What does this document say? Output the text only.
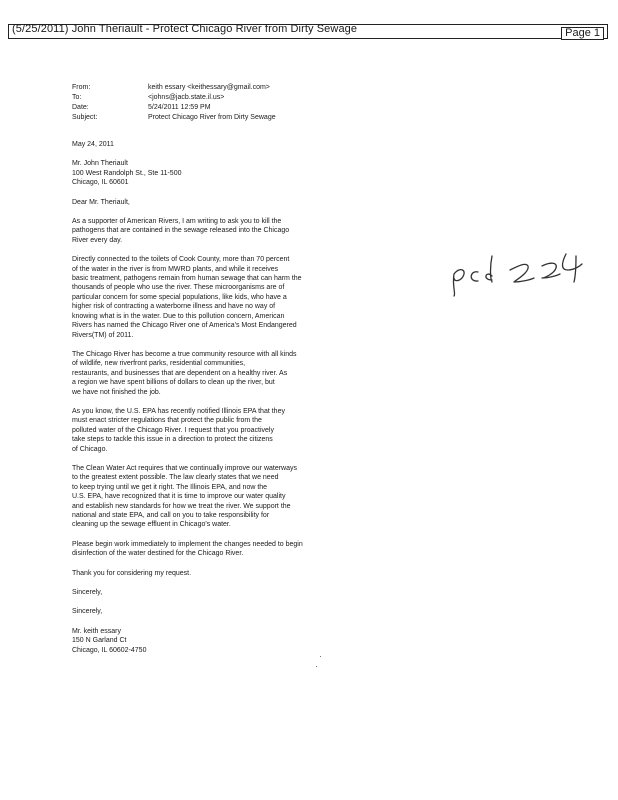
(5/25/2011) John Theriault - Protect Chicago River from Dirty Sewage	Page 1
From:	keith essary <keithessary@gmail.com>
To:	<johns@jacb.state.il.us>
Date:	5/24/2011 12:59 PM
Subject:	Protect Chicago River from Dirty Sewage

May 24, 2011

Mr. John Theriault
100 West Randolph St., Ste 11-500
Chicago, IL 60601

Dear Mr. Theriault,

As a supporter of American Rivers, I am writing to ask you to kill the
pathogens that are contained in the sewage released into the Chicago
River every day.

Directly connected to the toilets of Cook County, more than 70 percent
of the water in the river is from MWRD plants, and while it receives
basic treatment, pathogens remain from human sewage that can harm the
thousands of people who use the river. These microorganisms are of
particular concern for some special populations, like kids, who have a
higher risk of contracting a waterborne illness and have no way of
knowing what is in the water. Due to this pollution concern, American
Rivers has named the Chicago River one of America's Most Endangered
Rivers(TM) of 2011.

The Chicago River has become a true community resource with all kinds
of wildlife, new riverfront parks, residential communities,
restaurants, and businesses that are dependent on a healthy river. As
a region we have spent billions of dollars to clean up the river, but
we have not finished the job.

As you know, the U.S. EPA has recently notified Illinois EPA that they
must enact stricter regulations that protect the public from the
polluted water of the Chicago River. I request that you proactively
take steps to tackle this issue in a direction to protect the citizens
of Chicago.

The Clean Water Act requires that we continually improve our waterways
to the greatest extent possible. The law clearly states that we need
to keep trying until we get it right. The Illinois EPA, and now the
U.S. EPA, have recognized that it is time to improve our water quality
and establish new standards for how we treat the river. We support the
national and state EPA, and call on you to take responsibility for
cleaning up the sewage effluent in Chicago's water.

Please begin work immediately to implement the changes needed to begin
disinfection of the water destined for the Chicago River.

Thank you for considering my request.

Sincerely,

Sincerely,

Mr. keith essary
150 N Garland Ct
Chicago, IL 60602-4750
